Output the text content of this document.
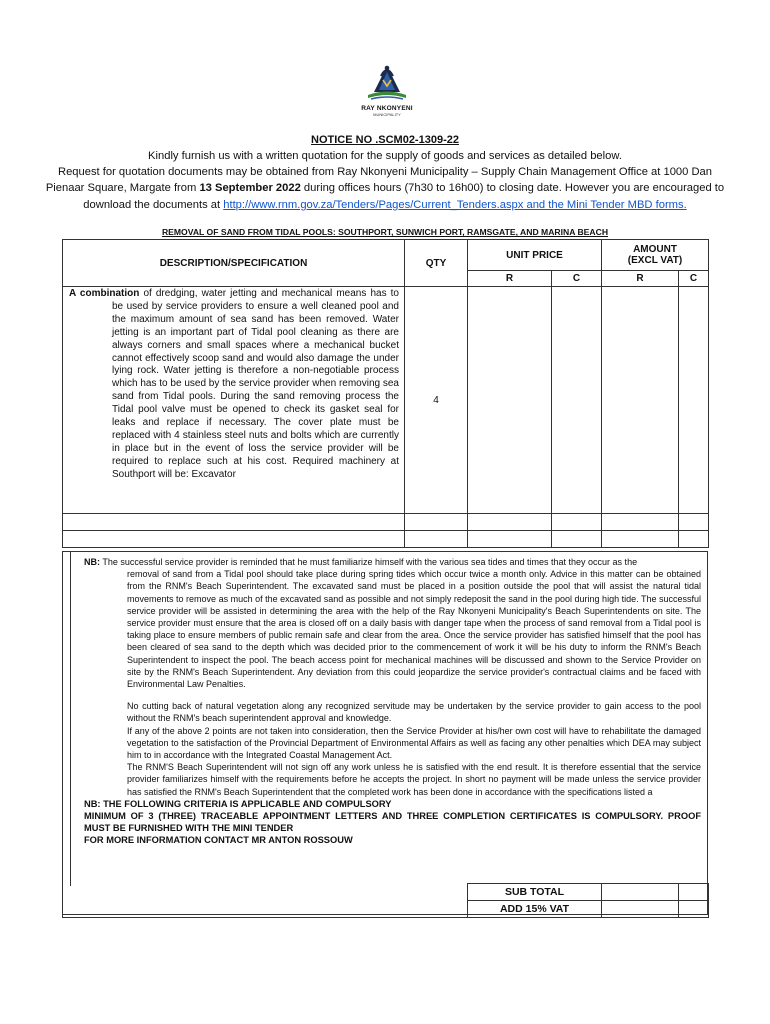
RAY NKONYENI
MUNICIPALITY
NOTICE NO .SCM02-1309-22
Kindly furnish us with a written quotation for the supply of goods and services as detailed below.
Request for quotation documents may be obtained from Ray Nkonyeni Municipality – Supply Chain Management Office at 1000 Dan
Pienaar Square, Margate from 13 September 2022 during offices hours (7h30 to 16h00) to closing date. However you are encouraged to
download the documents at http://www.rnm.gov.za/Tenders/Pages/Current_Tenders.aspx and the Mini Tender MBD forms.
REMOVAL OF SAND FROM TIDAL POOLS: SOUTHPORT, SUNWICH PORT, RAMSGATE, AND MARINA BEACH
DESCRIPTION/SPECIFICATION	QTY	UNIT PRICE		AMOUNT
(EXCL VAT)	

		R	C	R	C

A combination of dredging, water jetting and mechanical means has to be used by service providers to ensure a well cleaned pool and the maximum amount of sea sand has been removed. Water jetting is an important part of Tidal pool cleaning as there are always corners and small spaces where a mechanical bucket cannot effectively scoop sand and would also damage the under lying rock. Water jetting is therefore a non-negotiable process which has to be used by the service provider when removing sea sand from Tidal pools. During the sand removing process the Tidal pool valve must be opened to check its gasket seal for leaks and replace if necessary. The cover plate must be replaced with 4 stainless steel nuts and bolts which are currently in place but in the event of loss the service provider will be required to replace such at his cost. Required machinery at Southport will be: Excavator	4				

NB: The successful service provider is reminded that he must familiarize himself with the various sea tides and times that they occur as the

removal of sand from a Tidal pool should take place during spring tides which occur twice a month only. Advice in this matter can be obtained from the RNM's Beach Superintendent. The excavated sand must be placed in a position outside the pool that will assist the natural tidal movements to remove as much of the excavated sand as possible and not simply redeposit the sand in the pool during high tide. The successful service provider will be assisted in determining the area with the help of the Ray Nkonyeni Municipality's Beach Superintendents on site. The service provider must ensure that the area is closed off on a daily basis with danger tape when the process of sand removal from a Tidal pool is taking place to ensure members of public remain safe and clear from the area. Once the service provider has satisfied himself that the pool has been cleared of sea sand to the depth which was decided prior to the commencement of work it will be his duty to inform the RNM's Beach Superintendent to inspect the pool. The beach access point for mechanical machines will be discussed and shown to the Service Provider on site by the RNM's Beach Superintendent. Any deviation from this could jeopardize the service provider's contractual claims and be faced with Environmental Law Penalties.

No cutting back of natural vegetation along any recognized servitude may be undertaken by the service provider to gain access to the pool without the RNM's beach superintendent approval and knowledge.

If any of the above 2 points are not taken into consideration, then the Service Provider at his/her own cost will have to rehabilitate the damaged vegetation to the satisfaction of the Provincial Department of Environmental Affairs as well as facing any other penalties which DEA may subject him to in accordance with the Integrated Coastal Management Act.

The RNM'S Beach Superintendent will not sign off any work unless he is satisfied with the end result. It is therefore essential that the service provider familiarizes himself with the requirements before he accepts the project. In short no payment will be made unless the service provider has satisfied the RNM's Beach Superintendent that the completed work has been done in accordance with the specifications listed a

NB: THE FOLLOWING CRITERIA IS APPLICABLE AND COMPULSORY

MINIMUM OF 3 (THREE) TRACEABLE APPOINTMENT LETTERS AND THREE COMPLETION CERTIFICATES IS COMPULSORY. PROOF MUST BE FURNISHED WITH THE MINI TENDER

FOR MORE INFORMATION CONTACT MR ANTON ROSSOUW

	SUB TOTAL		
	ADD 15% VAT		
